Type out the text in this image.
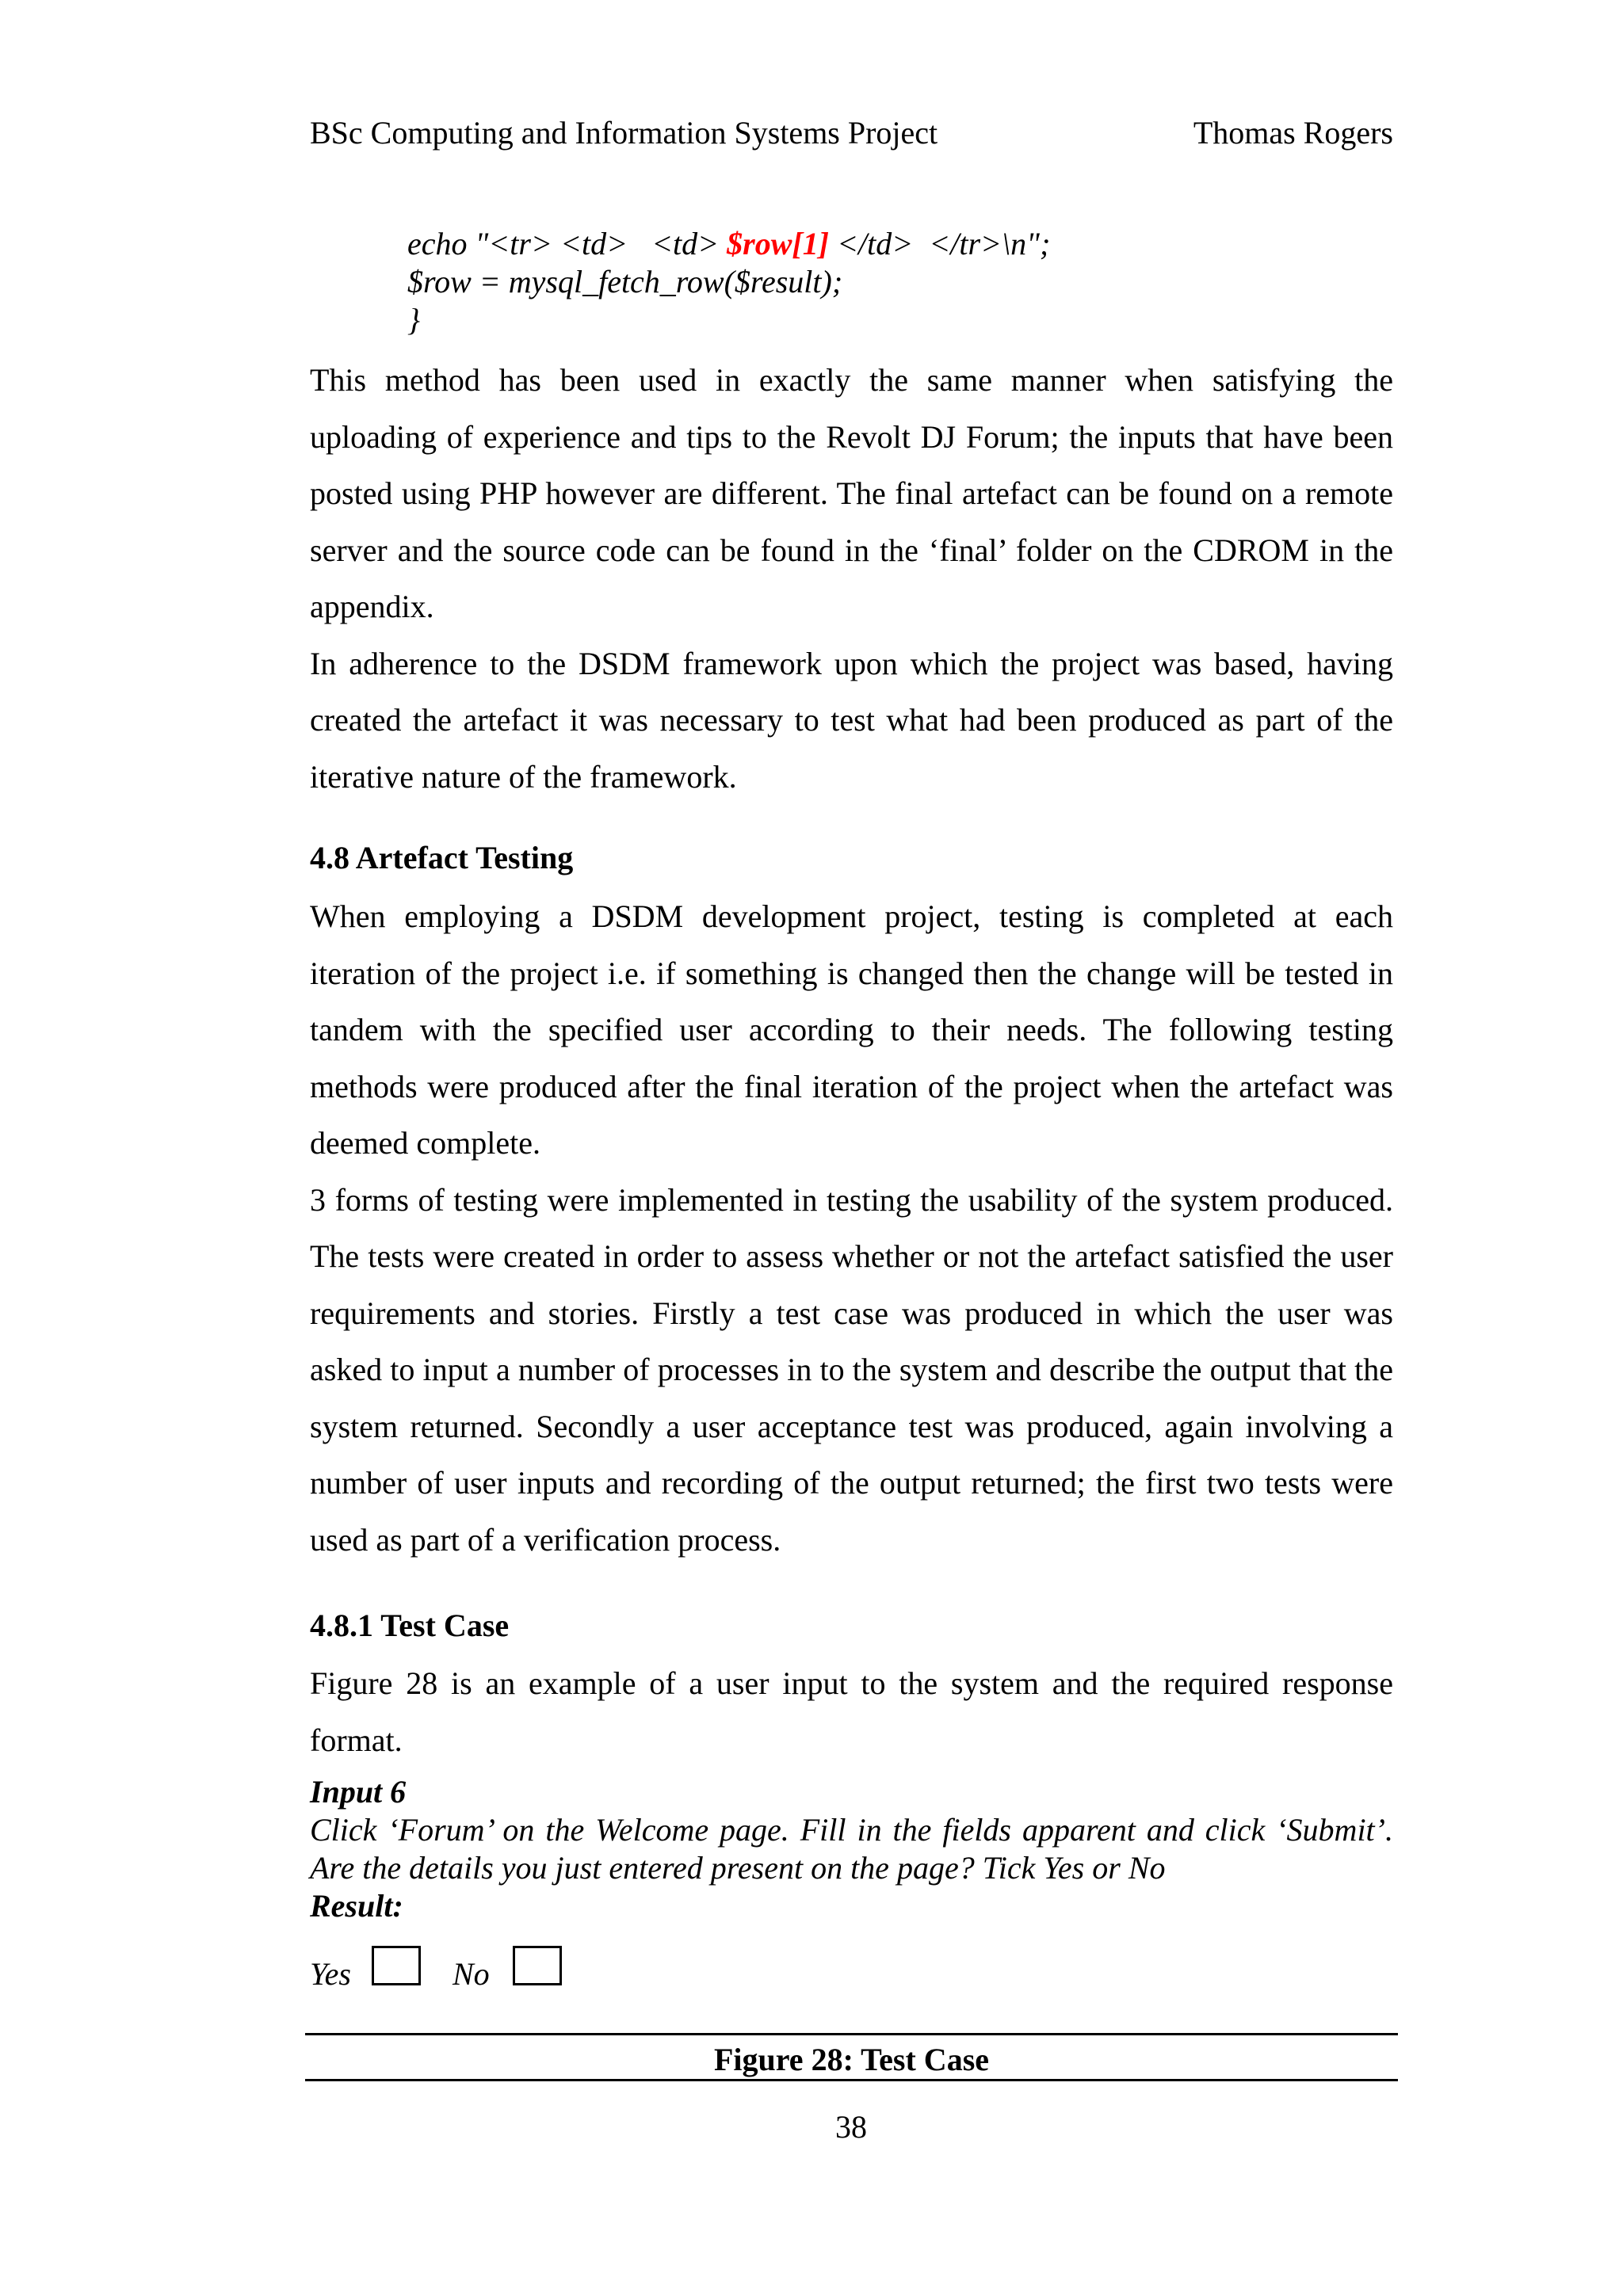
BSc Computing and Information Systems Project	Thomas Rogers
echo "<tr> <td>   <td> $row[1] </td>  </tr>\n";
$row = mysql_fetch_row($result);
}

This method has been used in exactly the same manner when satisfying the uploading of experience and tips to the Revolt DJ Forum; the inputs that have been posted using PHP however are different. The final artefact can be found on a remote server and the source code can be found in the ‘final’ folder on the CDROM in the appendix.

In adherence to the DSDM framework upon which the project was based, having created the artefact it was necessary to test what had been produced as part of the iterative nature of the framework.

4.8 Artefact Testing

When employing a DSDM development project, testing is completed at each iteration of the project i.e. if something is changed then the change will be tested in tandem with the specified user according to their needs. The following testing methods were produced after the final iteration of the project when the artefact was deemed complete.

3 forms of testing were implemented in testing the usability of the system produced. The tests were created in order to assess whether or not the artefact satisfied the user requirements and stories. Firstly a test case was produced in which the user was asked to input a number of processes in to the system and describe the output that the system returned. Secondly a user acceptance test was produced, again involving a number of user inputs and recording of the output returned; the first two tests were used as part of a verification process.

4.8.1 Test Case

Figure 28 is an example of a user input to the system and the required response format.

Input 6
Click ‘Forum’ on the Welcome page. Fill in the fields apparent and click ‘Submit’. Are the details you just entered present on the page? Tick Yes or No
Result:
Yes	No
Figure 28: Test Case
38
